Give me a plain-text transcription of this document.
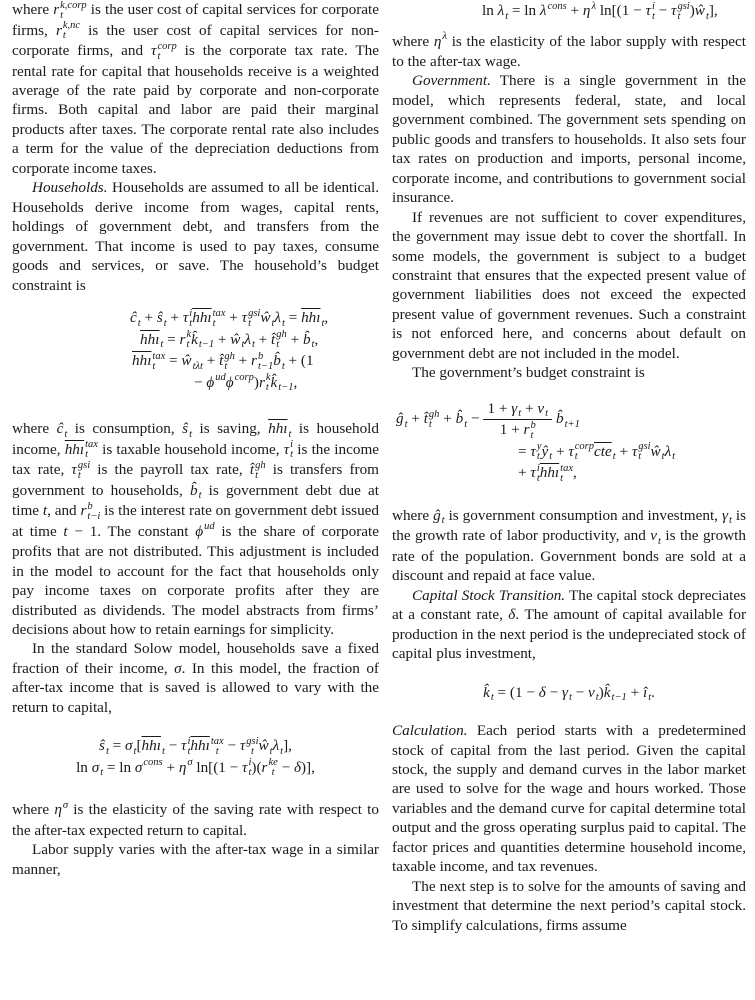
where r k,corp
t	is the user cost of capital services for corporate firms, r k,nc
t is the user cost of capital services for non-corporate firms, and τ corp
t	is the corporate tax rate. The rental rate for capital that households receive is a weighted average of the rate paid by corporate and non-corporate firms. Both capital and labor are paid their marginal products after taxes. The corporate rental rate also includes a term for the value of the depreciation deductions from corporate income taxes.

Households. Households are assumed to all be identical. Households derive income from wages, capital rents, holdings of government debt, and transfers from the government. That income is used to pay taxes, consume goods and services, or save. The household’s budget constraint is

ĉ
t + ŝ
t + τ i
t $\overline{hhı}$ tax
t + τ gsi
t ŵ
t λ
$t = \overline{hhı}$
t ,
$\overline{hhı}$
t = r k
t k̂
t−1 + ŵ
t λ
t + t̂ gh
t + b̂
t ,
$\overline{hhı}$ tax
t = ŵ
tλt + t̂ gh
t + r b
t−1 b̂
t + (1
− ϕ ud
ϕ corp
)r k
t k̂
t−1 ,

where ĉ
t is consumption, ŝ
t is saving, $\overline{hhı}$
t is household income, $\overline{hhı}$ tax
t is taxable household income, τ i
t is the income tax rate, τ gsi
t is the payroll tax rate, t̂ gh
t is transfers from government to households, b̂
t is government debt due at time t, and r b
t−i is the interest rate on government debt issued at time t − 1. The constant ϕ ud
is the share of corporate profits that are not distributed. This adjustment is included in the model to account for the fact that households only pay income taxes on corporate profits after they are distributed as dividends. The model abstracts from firms’ decisions about how to retain earnings for simplicity.

In the standard Solow model, households save a fixed fraction of their income, σ. In this model, the fraction of after-tax income that is saved is allowed to vary with the return to capital,

ŝ
t = σ
t [$\overline{hhı}$
t − τ i
t $\overline{hhı}$ tax
t − τ gsi
t ŵ
t λ
t ],
ln σ
t = ln σ cons
+ η σ
ln[(1 − τ i
t )(r ke
t − δ)],

where η σ
is the elasticity of the saving rate with respect to the after-tax expected return to capital.

Labor supply varies with the after-tax wage in a similar manner,

ln λ
t = ln λ cons
+ η λ
ln[(1 − τ i
t − τ gsi
t )ŵ
t ],

where η λ
is the elasticity of the labor supply with respect to the after-tax wage.

Government. There is a single government in the model, which represents federal, state, and local government combined. The government sets spending on public goods and transfers to households. It also sets four tax rates on production and imports, personal income, corporate income, and contributions to government social insurance.

If revenues are not sufficient to cover expenditures, the government may issue debt to cover the shortfall. In some models, the government is subject to a budget constraint that ensures that the expected present value of government liabilities does not exceed the expected present value of government revenues. Such a constraint is not enforced here, and concerns about default on government debt are not included in the model.

The government’s budget constraint is

ĝ
t + t̂ gh
t + b̂
t − 1 + γ
t + ν
t
1 + r b
t b̂
t+1
= τ y
t ŷ
t + τ corp
t	$\overline{cte}$
t + τ gsi
t ŵ
t λ
t
+ τ i
t $\overline{hhı}$ tax
t ,

where ĝ
t is government consumption and investment, γ
t is the growth rate of labor productivity, and ν
t is the growth rate of the population. Government bonds are sold at a discount and repaid at face value.

Capital Stock Transition. The capital stock depreciates at a constant rate, δ. The amount of capital available for production in the next period is the undepreciated stock of capital plus investment,

k̂
t = (1 − δ − γ
t − ν
t )k̂
t−1 + î
t .

Calculation. Each period starts with a predetermined stock of capital from the last period. Given the capital stock, the supply and demand curves in the labor market are used to solve for the wage and hours worked. Those variables and the demand curve for capital determine total output and the gross operating surplus paid to capital. The factor prices and quantities determine household income, taxable income, and tax revenues.

The next step is to solve for the amounts of saving and investment that determine the next period’s capital stock. To simplify calculations, firms assume
